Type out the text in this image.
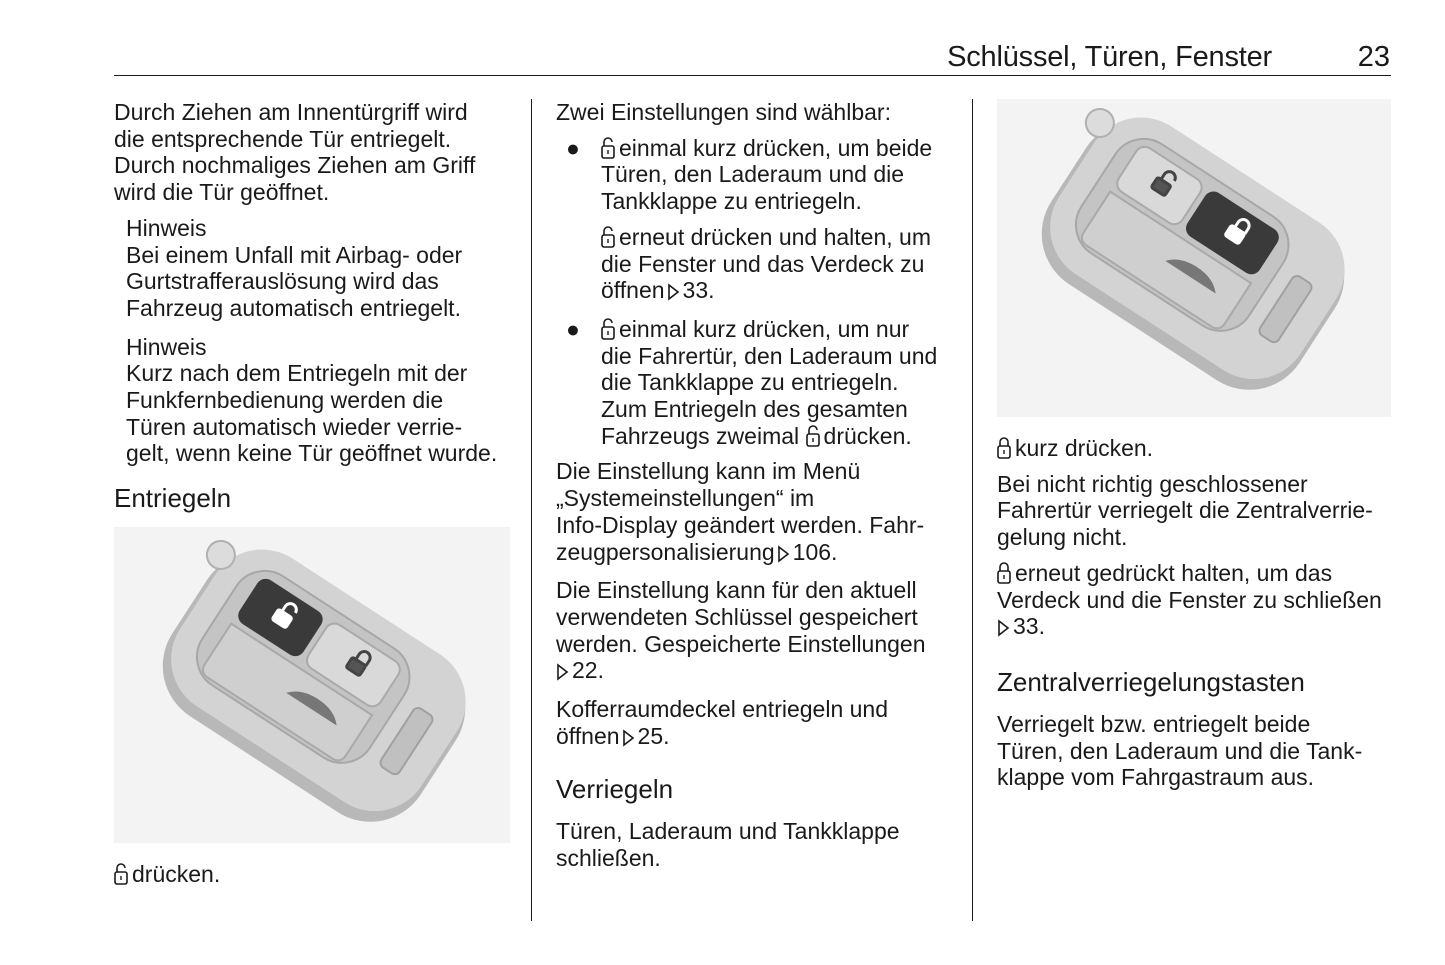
Schlüssel, Türen, Fenster	23

Durch Ziehen am Innentürgriff wird
die entsprechende Tür entriegelt.
Durch nochmaliges Ziehen am Griff
wird die Tür geöffnet.

Hinweis
Bei einem Unfall mit Airbag- oder
Gurtstrafferauslösung wird das
Fahrzeug automatisch entriegelt.
Hinweis
Kurz nach dem Entriegeln mit der
Funkfernbedienung werden die
Türen automatisch wieder verrie-
gelt, wenn keine Tür geöffnet wurde.
Entriegeln

drücken.

Zwei Einstellungen sind wählbar:

● einmal kurz drücken, um beide
Türen, den Laderaum und die
Tankklappe zu entriegeln.
erneut drücken und halten, um
die Fenster und das Verdeck zu
öffnen 33.
● einmal kurz drücken, um nur
die Fahrertür, den Laderaum und
die Tankklappe zu entriegeln.
Zum Entriegeln des gesamten
Fahrzeugs zweimal drücken.

Die Einstellung kann im Menü
„Systemeinstellungen“ im
Info-Display geändert werden. Fahr-
zeugpersonalisierung 106.

Die Einstellung kann für den aktuell
verwendeten Schlüssel gespeichert
werden. Gespeicherte Einstellungen
22.

Kofferraumdeckel entriegeln und
öffnen 25.

Verriegeln

Türen, Laderaum und Tankklappe
schließen.

kurz drücken.

Bei nicht richtig geschlossener
Fahrertür verriegelt die Zentralverrie-
gelung nicht.

erneut gedrückt halten, um das
Verdeck und die Fenster zu schließen
33.

Zentralverriegelungstasten

Verriegelt bzw. entriegelt beide
Türen, den Laderaum und die Tank-
klappe vom Fahrgastraum aus.
